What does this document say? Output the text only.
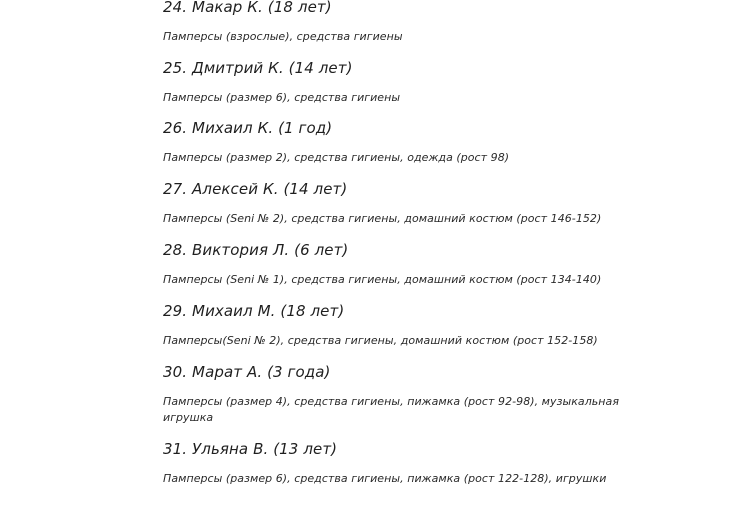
24. Макар К. (18 лет)
Памперсы (взрослые), средства гигиены
25. Дмитрий К. (14 лет)
Памперсы (размер 6), средства гигиены
26. Михаил К. (1 год)
Памперсы (размер 2), средства гигиены, одежда (рост 98)
27. Алексей К. (14 лет)
Памперсы (Seni № 2), средства гигиены, домашний костюм (рост 146-152)
28. Виктория Л. (6 лет)
Памперсы (Seni № 1), средства гигиены, домашний костюм (рост 134-140)
29. Михаил М. (18 лет)
Памперсы(Seni № 2), средства гигиены, домашний костюм (рост 152-158)
30. Марат А. (3 года)
Памперсы (размер 4), средства гигиены, пижамка (рост 92-98), музыкальная игрушка
31. Ульяна В. (13 лет)
Памперсы (размер 6), средства гигиены, пижамка (рост 122-128), игрушки
